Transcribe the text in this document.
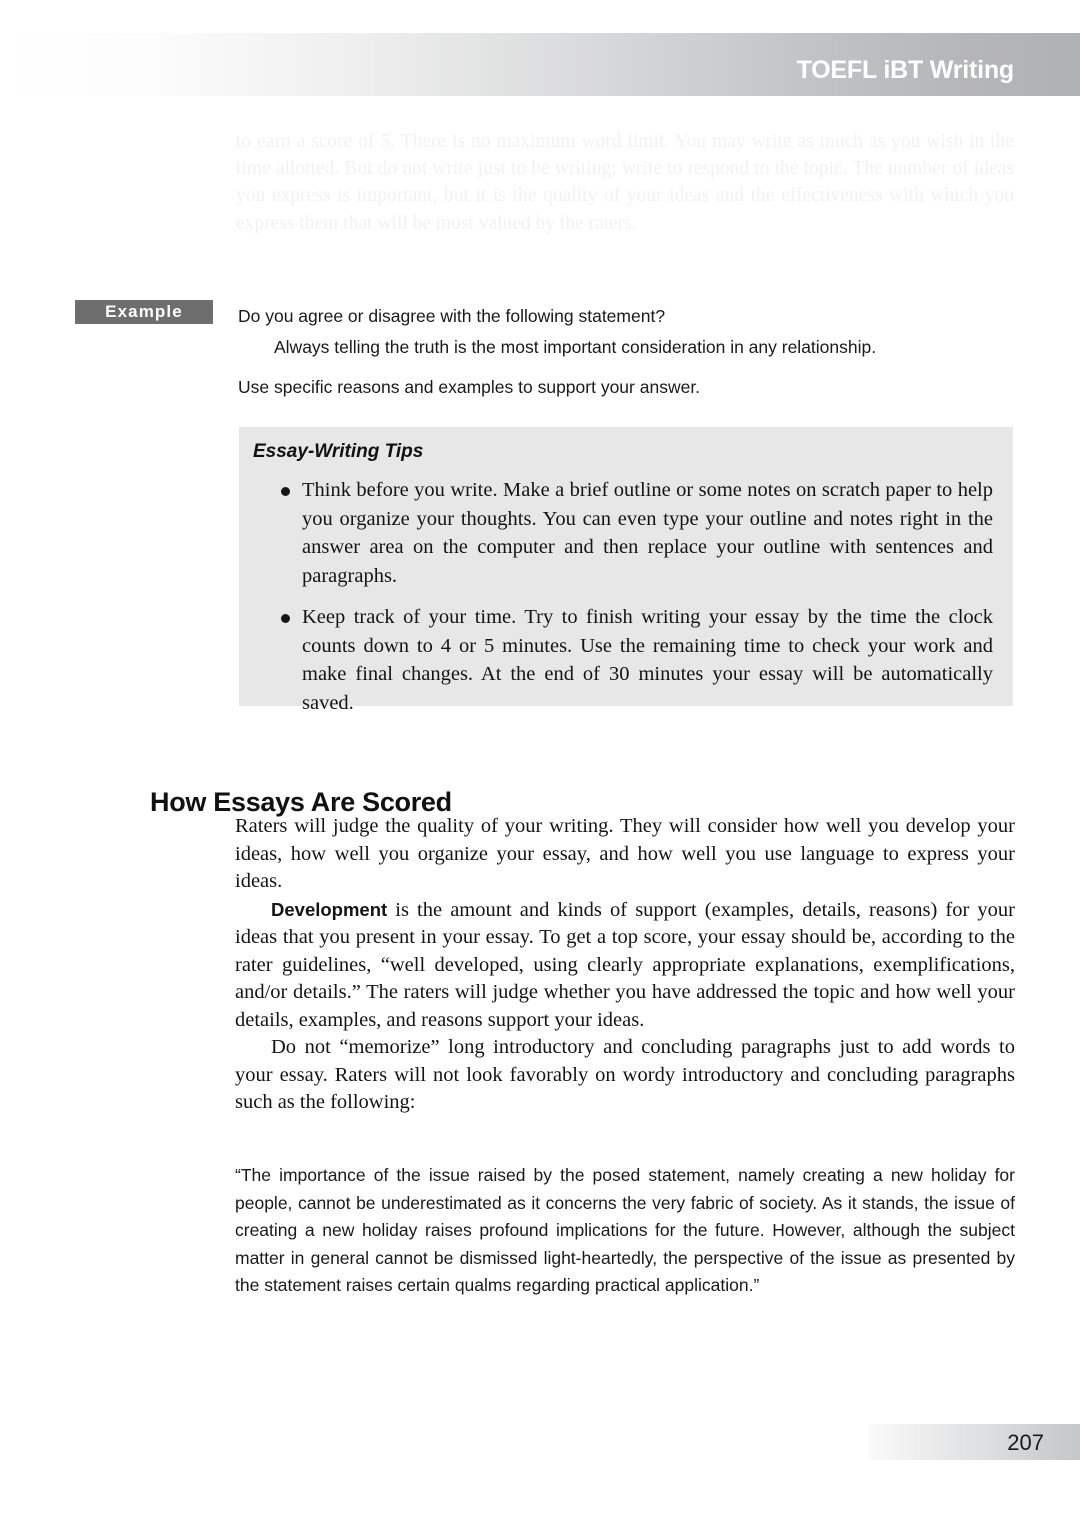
TOEFL iBT Writing
to earn a score of 5. There is no maximum word limit. You may write as much as you wish in the time allotted. But do not write just to be writing; write to respond to the topic. The number of ideas you express is important, but it is the quality of your ideas and the effectiveness with which you express them that will be most valued by the raters.
Example	Do you agree or disagree with the following statement?
Always telling the truth is the most important consideration in any relationship.
Use specific reasons and examples to support your answer.
Essay-Writing Tips
Think before you write. Make a brief outline or some notes on scratch paper to help you organize your thoughts. You can even type your outline and notes right in the answer area on the computer and then replace your outline with sentences and paragraphs.
Keep track of your time. Try to finish writing your essay by the time the clock counts down to 4 or 5 minutes. Use the remaining time to check your work and make final changes. At the end of 30 minutes your essay will be automatically saved.
How Essays Are Scored

Raters will judge the quality of your writing. They will consider how well you develop your ideas, how well you organize your essay, and how well you use language to express your ideas.

Development is the amount and kinds of support (examples, details, reasons) for your ideas that you present in your essay. To get a top score, your essay should be, according to the rater guidelines, “well developed, using clearly appropriate explanations, exemplifications, and/or details.” The raters will judge whether you have addressed the topic and how well your details, examples, and reasons support your ideas.

Do not “memorize” long introductory and concluding paragraphs just to add words to your essay. Raters will not look favorably on wordy introductory and concluding paragraphs such as the following:

“The importance of the issue raised by the posed statement, namely creating a new holiday for people, cannot be underestimated as it concerns the very fabric of society. As it stands, the issue of creating a new holiday raises profound implications for the future. However, although the subject matter in general cannot be dismissed light-heartedly, the perspective of the issue as presented by the statement raises certain qualms regarding practical application.”
207
